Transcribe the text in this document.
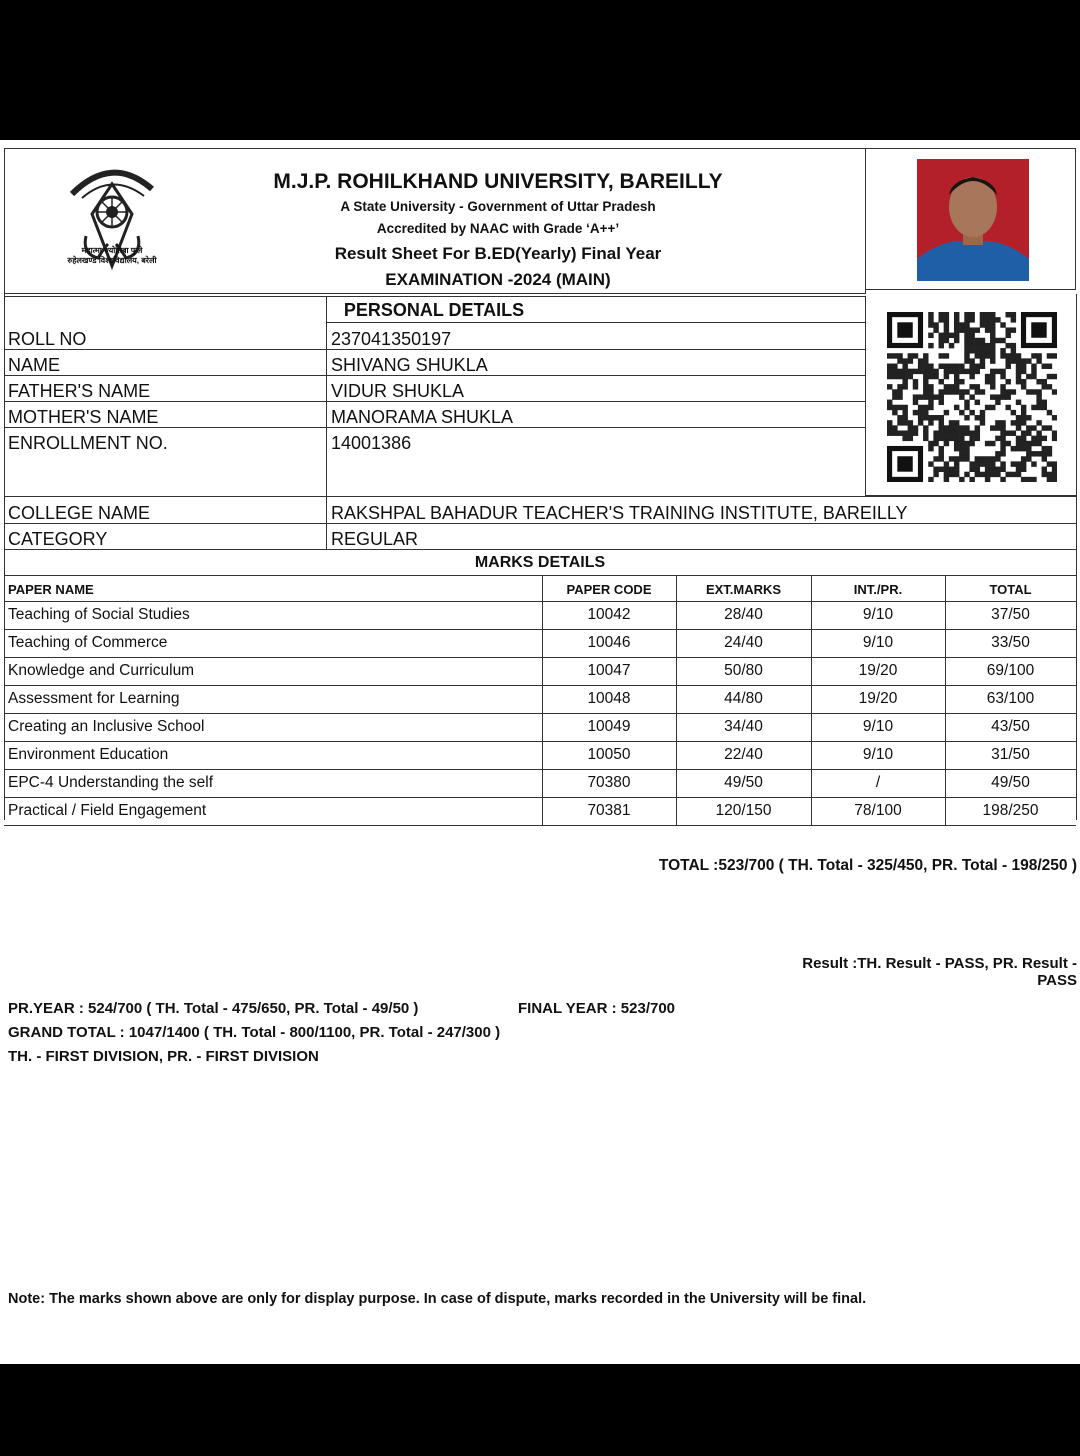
महात्मा ज्योतिबा फुले
रुहेलखण्ड विश्वविद्यालय, बरेली
M.J.P. ROHILKHAND UNIVERSITY, BAREILLY
A State University - Government of Uttar Pradesh
Accredited by NAAC with Grade ‘A++’
Result Sheet For B.ED(Yearly) Final Year
EXAMINATION -2024 (MAIN)
PERSONAL DETAILS
ROLL NO	237041350197
NAME	SHIVANG SHUKLA
FATHER'S NAME	VIDUR SHUKLA
MOTHER'S NAME	MANORAMA SHUKLA
ENROLLMENT NO.	14001386
COLLEGE NAME	RAKSHPAL BAHADUR TEACHER'S TRAINING INSTITUTE, BAREILLY
CATEGORY	REGULAR
MARKS DETAILS
PAPER NAME	PAPER CODE	EXT.MARKS	INT./PR.	TOTAL
Teaching of Social Studies	10042	28/40	9/10	37/50
Teaching of Commerce	10046	24/40	9/10	33/50
Knowledge and Curriculum	10047	50/80	19/20	69/100
Assessment for Learning	10048	44/80	19/20	63/100
Creating an Inclusive School	10049	34/40	9/10	43/50
Environment Education	10050	22/40	9/10	31/50
EPC-4 Understanding the self	70380	49/50	/	49/50
Practical / Field Engagement	70381	120/150	78/100	198/250
TOTAL :523/700 ( TH. Total - 325/450, PR. Total - 198/250 )
Result :TH. Result - PASS, PR. Result -
PASS
PR.YEAR : 524/700 ( TH. Total - 475/650, PR. Total - 49/50 )	FINAL YEAR : 523/700
GRAND TOTAL : 1047/1400 ( TH. Total - 800/1100, PR. Total - 247/300 )
TH. - FIRST DIVISION, PR. - FIRST DIVISION
Note: The marks shown above are only for display purpose. In case of dispute, marks recorded in the University will be final.
